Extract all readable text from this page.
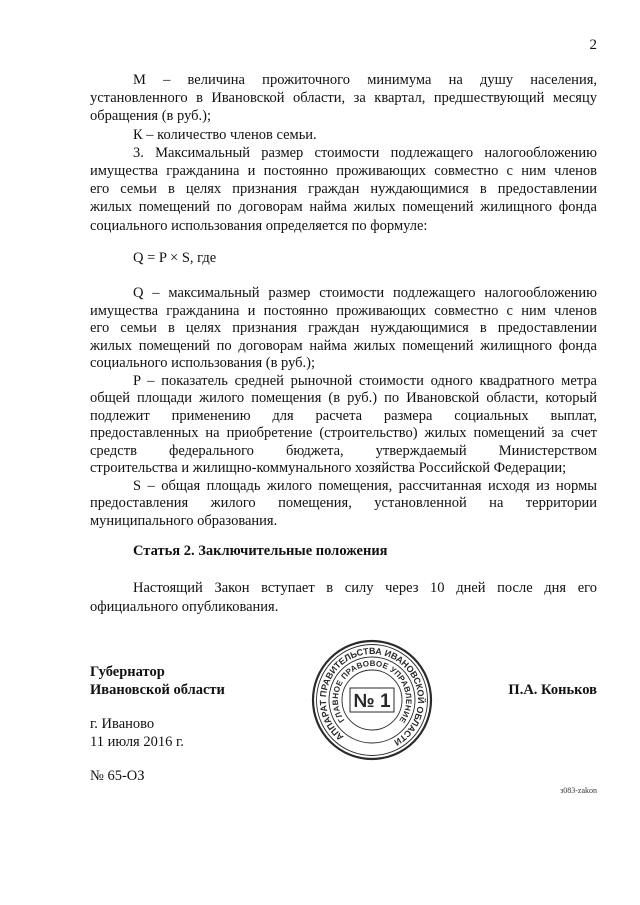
2
М – величина прожиточного минимума на душу населения,
установленного в Ивановской области, за квартал, предшествующий месяцу
обращения (в руб.);
К – количество членов семьи.
3. Максимальный размер стоимости подлежащего налогообложению
имущества гражданина и постоянно проживающих совместно с ним членов
его семьи в целях признания граждан нуждающимися в предоставлении
жилых помещений по договорам найма жилых помещений жилищного фонда
социального использования определяется по формуле:
Q = P × S, где
Q – максимальный размер стоимости подлежащего налогообложению
имущества гражданина и постоянно проживающих совместно с ним членов
его семьи в целях признания граждан нуждающимися в предоставлении
жилых помещений по договорам найма жилых помещений жилищного фонда
социального использования (в руб.);
P – показатель средней рыночной стоимости одного квадратного метра
общей площади жилого помещения (в руб.) по Ивановской области, который
подлежит применению для расчета размера социальных выплат,
предоставленных на приобретение (строительство) жилых помещений за счет
средств федерального бюджета, утверждаемый Министерством
строительства и жилищно-коммунального хозяйства Российской Федерации;
S – общая площадь жилого помещения, рассчитанная исходя из нормы
предоставления жилого помещения, установленной на территории
муниципального образования.
Статья 2. Заключительные положения
Настоящий Закон вступает в силу через 10 дней после дня его
официального опубликования.
Губернатор
Ивановской области	П.А. Коньков
г. Иваново
11 июля 2016 г.
№ 65-ОЗ
АППАРАТ ПРАВИТЕЛЬСТВА ИВАНОВСКОЙ ОБЛАСТИ
ГЛАВНОЕ ПРАВОВОЕ УПРАВЛЕНИЕ
№ 1
з083-zakon
